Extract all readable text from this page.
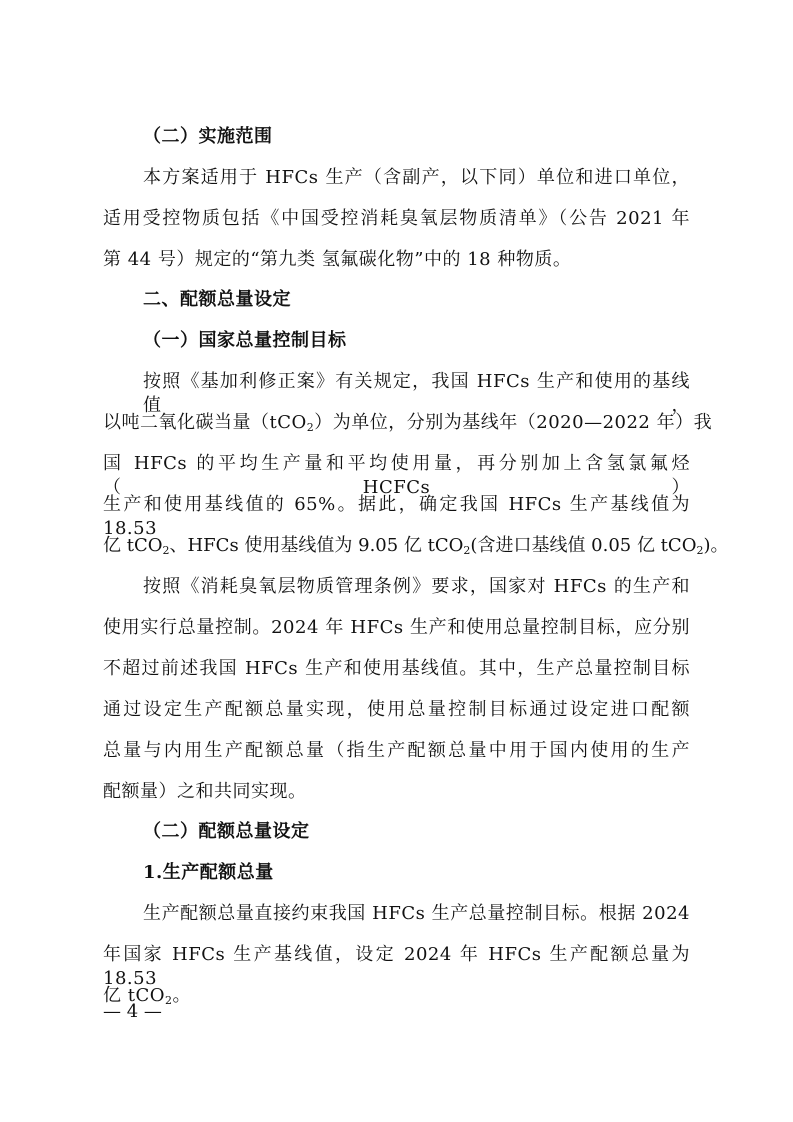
（二）实施范围
本方案适用于 HFCs 生产（含副产，以下同）单位和进口单位，
适用受控物质包括《中国受控消耗臭氧层物质清单》（公告 2021 年
第 44 号）规定的“第九类 氢氟碳化物”中的 18 种物质。
二、配额总量设定
（一）国家总量控制目标
按照《基加利修正案》有关规定，我国 HFCs 生产和使用的基线值，
以吨二氧化碳当量（tCO$_2$）为单位，分别为基线年（2020—2022 年）我
国 HFCs 的平均生产量和平均使用量，再分别加上含氢氯氟烃（HCFCs）
生产和使用基线值的 65%。据此，确定我国 HFCs 生产基线值为 18.53
亿 tCO$_2$、HFCs 使用基线值为 9.05 亿 tCO$_2$(含进口基线值 0.05 亿 tCO$_2$)。
按照《消耗臭氧层物质管理条例》要求，国家对 HFCs 的生产和
使用实行总量控制。2024 年 HFCs 生产和使用总量控制目标，应分别
不超过前述我国 HFCs 生产和使用基线值。其中，生产总量控制目标
通过设定生产配额总量实现，使用总量控制目标通过设定进口配额
总量与内用生产配额总量（指生产配额总量中用于国内使用的生产
配额量）之和共同实现。
（二）配额总量设定
1.生产配额总量
生产配额总量直接约束我国 HFCs 生产总量控制目标。根据 2024
年国家 HFCs 生产基线值，设定 2024 年 HFCs 生产配额总量为 18.53
亿 tCO$_2$。
— 4 —
